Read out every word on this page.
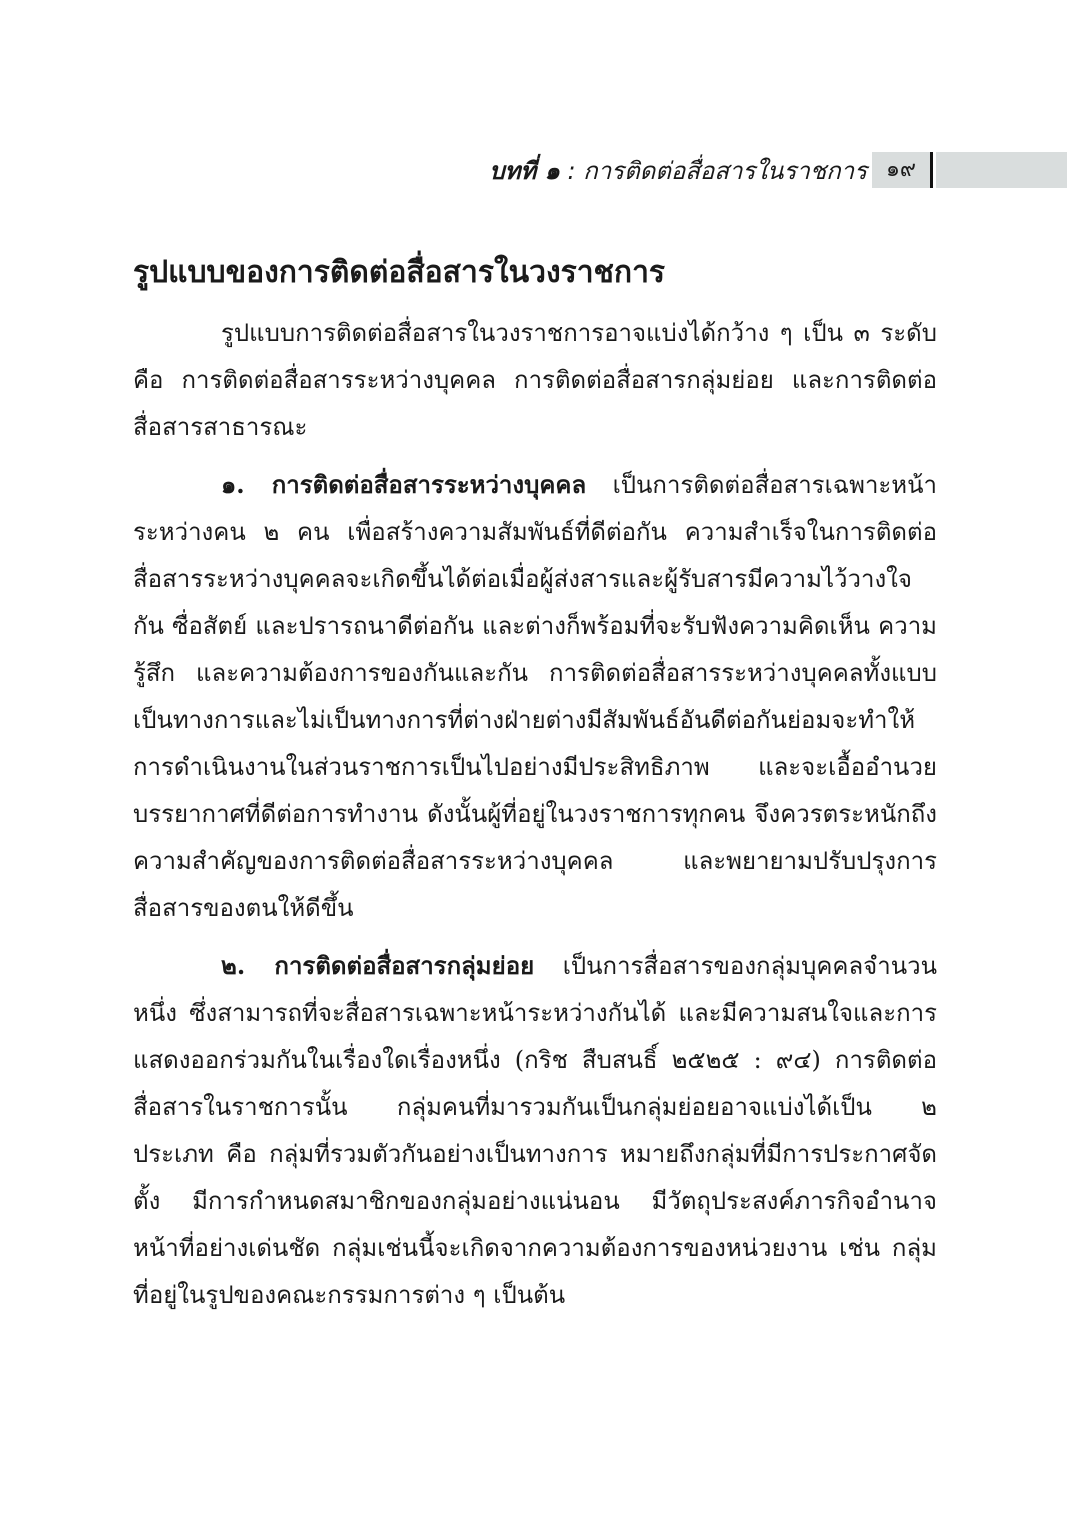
บทที่ ๑ : การติดต่อสื่อสารในราชการ ๑๙
รูปแบบของการติดต่อสื่อสารในวงราชการ

รูปแบบการติดต่อสื่อสารในวงราชการอาจแบ่งได้กว้าง ๆ เป็น ๓ ระดับ คือ การติดต่อสื่อสารระหว่างบุคคล การติดต่อสื่อสารกลุ่มย่อย และการติดต่อสื่อสารสาธารณะ

๑. การติดต่อสื่อสารระหว่างบุคคล เป็นการติดต่อสื่อสารเฉพาะหน้าระหว่างคน ๒ คน เพื่อสร้างความสัมพันธ์ที่ดีต่อกัน ความสำเร็จในการติดต่อสื่อสารระหว่างบุคคลจะเกิดขึ้นได้ต่อเมื่อผู้ส่งสารและผู้รับสารมีความไว้วางใจกัน ซื่อสัตย์ และปรารถนาดีต่อกัน และต่างก็พร้อมที่จะรับฟังความคิดเห็น ความรู้สึก และความต้องการของกันและกัน การติดต่อสื่อสารระหว่างบุคคลทั้งแบบเป็นทางการและไม่เป็นทางการที่ต่างฝ่ายต่างมีสัมพันธ์อันดีต่อกันย่อมจะทำให้การดำเนินงานในส่วนราชการเป็นไปอย่างมีประสิทธิภาพ และจะเอื้ออำนวยบรรยากาศที่ดีต่อการทำงาน ดังนั้นผู้ที่อยู่ในวงราชการทุกคน จึงควรตระหนักถึงความสำคัญของการติดต่อสื่อสารระหว่างบุคคล และพยายามปรับปรุงการสื่อสารของตนให้ดีขึ้น

๒. การติดต่อสื่อสารกลุ่มย่อย เป็นการสื่อสารของกลุ่มบุคคลจำนวนหนึ่ง ซึ่งสามารถที่จะสื่อสารเฉพาะหน้าระหว่างกันได้ และมีความสนใจและการแสดงออกร่วมกันในเรื่องใดเรื่องหนึ่ง (กริช สืบสนธิ์ ๒๕๒๕ : ๙๔) การติดต่อสื่อสารในราชการนั้น กลุ่มคนที่มารวมกันเป็นกลุ่มย่อยอาจแบ่งได้เป็น ๒ ประเภท คือ กลุ่มที่รวมตัวกันอย่างเป็นทางการ หมายถึงกลุ่มที่มีการประกาศจัดตั้ง มีการกำหนดสมาชิกของกลุ่มอย่างแน่นอน มีวัตถุประสงค์ภารกิจอำนาจหน้าที่อย่างเด่นชัด กลุ่มเช่นนี้จะเกิดจากความต้องการของหน่วยงาน เช่น กลุ่มที่อยู่ในรูปของคณะกรรมการต่าง ๆ เป็นต้น
